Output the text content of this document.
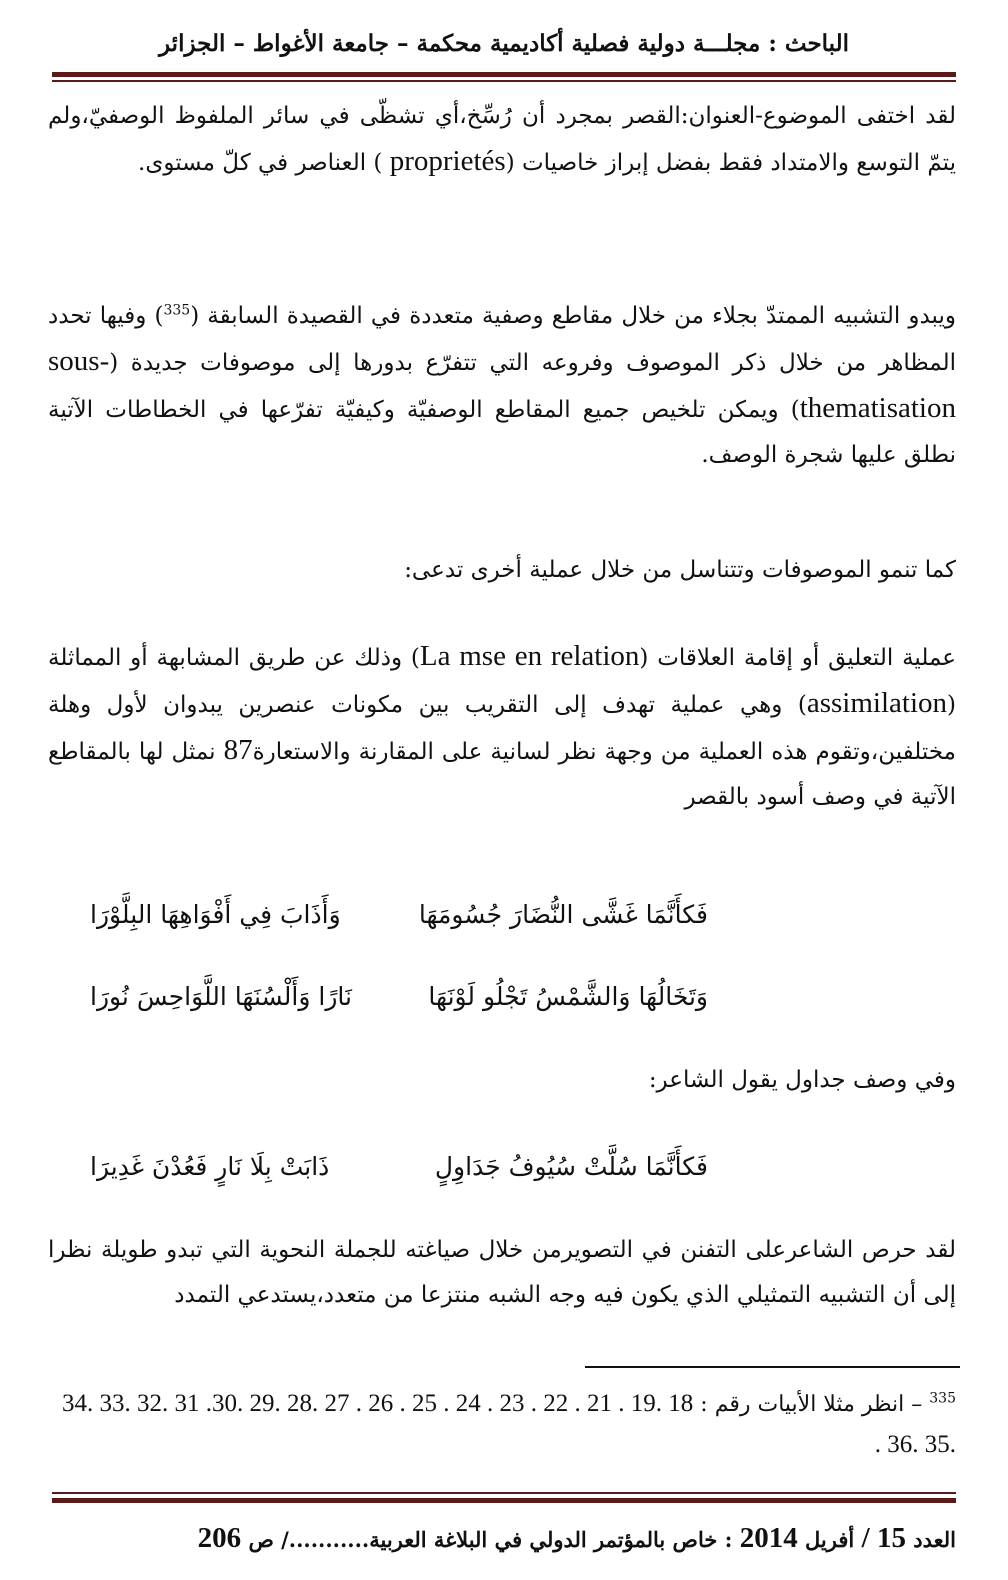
الباحث : مجلـــة دولية فصلية أكاديمية محكمة – جامعة الأغواط – الجزائر
لقد اختفى الموضوع-العنوان:القصر بمجرد أن رُسِّخ،أي تشظّى في سائر الملفوظ الوصفيّ،ولم يتمّ التوسع والامتداد فقط بفضل إبراز خاصيات (proprietés ) العناصر في كلّ مستوى.
ويبدو التشبيه الممتدّ بجلاء من خلال مقاطع وصفية متعددة في القصيدة السابقة ($^{335}$) وفيها تحدد المظاهر من خلال ذكر الموصوف وفروعه التي تتفرّع بدورها إلى موصوفات جديدة (sous-thematisation) ويمكن تلخيص جميع المقاطع الوصفيّة وكيفيّة تفرّعها في الخطاطات الآتية نطلق عليها شجرة الوصف.
كما تنمو الموصوفات وتتناسل من خلال عملية أخرى تدعى:
عملية التعليق أو إقامة العلاقات (La mse en relation) وذلك عن طريق المشابهة أو المماثلة (assimilation) وهي عملية تهدف إلى التقريب بين مكونات عنصرين يبدوان لأول وهلة مختلفين،وتقوم هذه العملية من وجهة نظر لسانية على المقارنة والاستعارة87 نمثل لها بالمقاطع الآتية في وصف أسود بالقصر
فَكأَنَّمَا غَشَّى النُّضَارَ جُسُومَهَا
وَأَذَابَ فِي أَفْوَاهِهَا البِلَّوْرَا
وَتَخَالُهَا وَالشَّمْسُ تَجْلُو لَوْنَهَا
نَارًا وَأَلْسُنَهَا اللَّوَاحِسَ نُورَا
وفي وصف جداول يقول الشاعر:
فَكأَنَّمَا سُلَّتْ سُيُوفُ جَدَاوِلٍ
ذَابَتْ بِلَا نَارٍ فَعُدْنَ غَدِيرَا
لقد حرص الشاعرعلى التفنن في التصويرمن خلال صياغته للجملة النحوية التي تبدو طويلة نظرا إلى أن التشبيه التمثيلي الذي يكون فيه وجه الشبه منتزعا من متعدد،يستدعي التمدد
$^{335}$ – انظر مثلا الأبيات رقم : 18 .19 . 21 . 22 . 23 . 24 . 25 . 26 . 27 .28 .29 .30. 31 .32 .33 .34 .35 .36 .
العدد 15 / أفريل 2014 : خاص بالمؤتمر الدولي في البلاغة العربية.........../ ص 206
